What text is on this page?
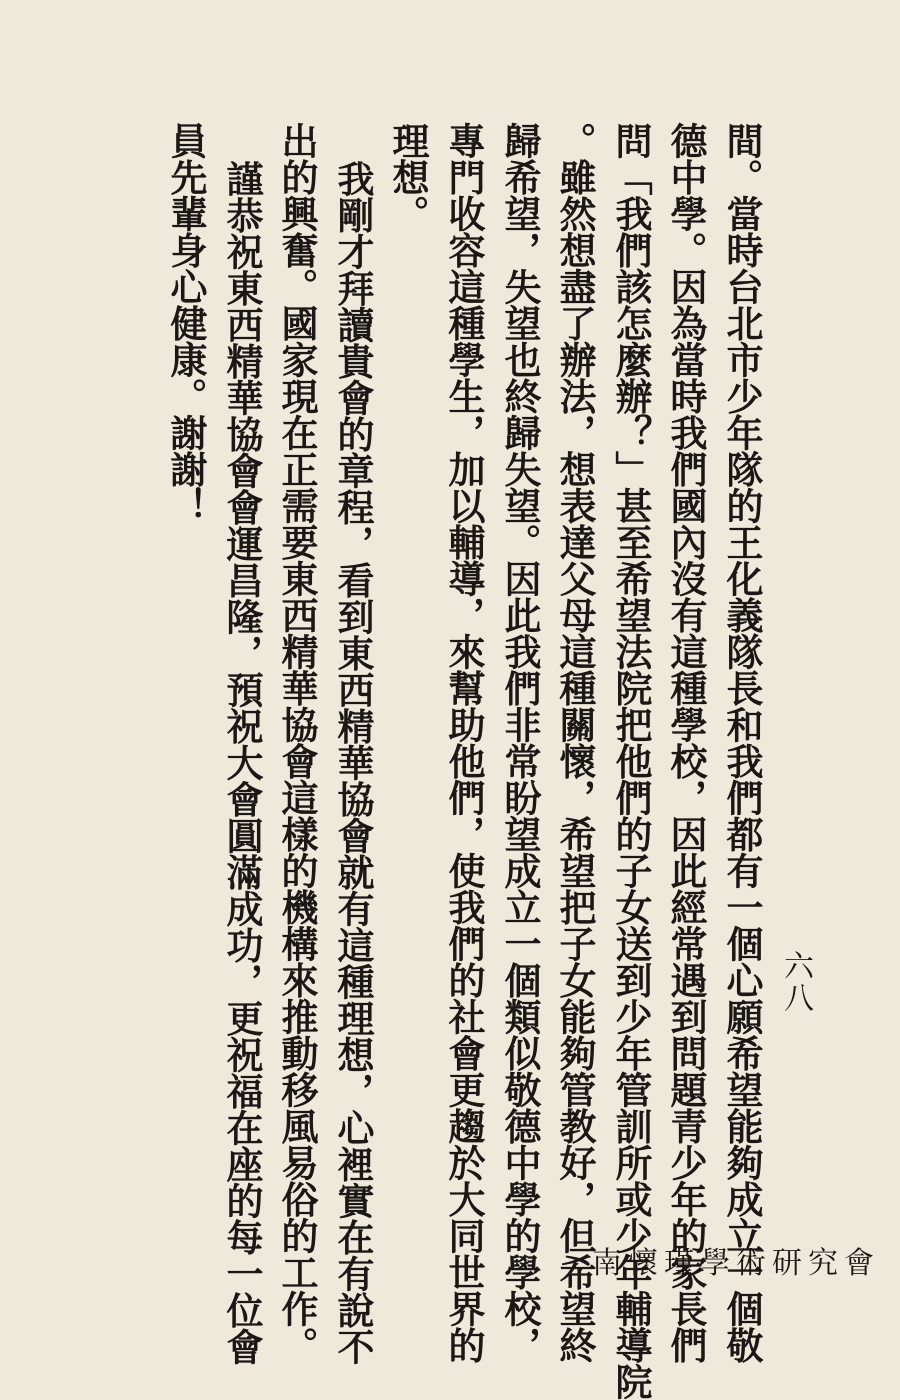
六八
間。當時台北市少年隊的王化義隊長和我們都有一個心願希望能夠成立一個敬
德中學。因為當時我們國內沒有這種學校，因此經常遇到問題青少年的家長們
問「我們該怎麼辦？」甚至希望法院把他們的子女送到少年管訓所或少年輔導院
。雖然想盡了辦法，想表達父母這種關懷，希望把子女能夠管教好，但希望終
歸希望，失望也終歸失望。因此我們非常盼望成立一個類似敬德中學的學校，
專門收容這種學生，加以輔導，來幫助他們，使我們的社會更趨於大同世界的
理想。
我剛才拜讀貴會的章程，看到東西精華協會就有這種理想，心裡實在有說不
出的興奮。國家現在正需要東西精華協會這樣的機構來推動移風易俗的工作。
謹恭祝東西精華協會會運昌隆，預祝大會圓滿成功，更祝福在座的每一位會
員先輩身心健康。謝謝！
南懷瑾學術研究會
